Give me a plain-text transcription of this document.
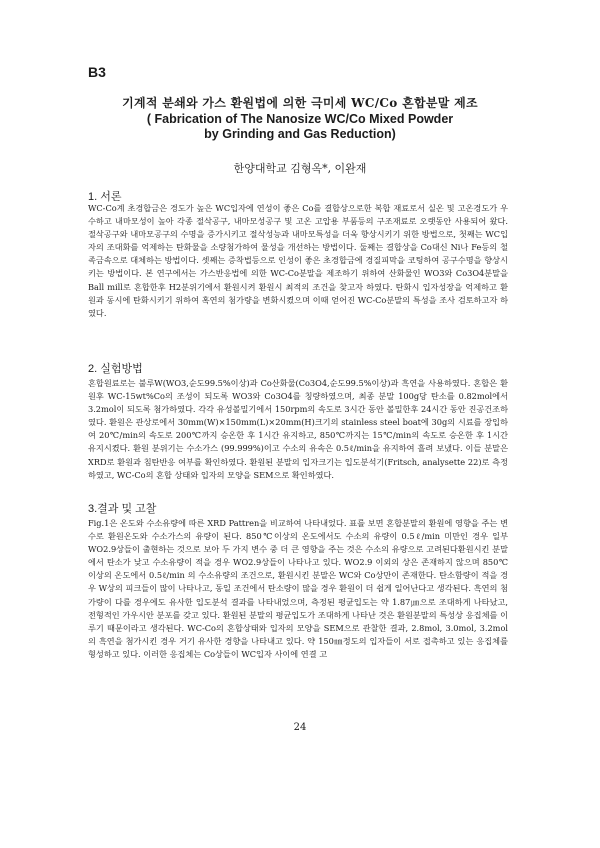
B3
기계적 분쇄와 가스 환원법에 의한 극미세 WC/Co 혼합분말 제조
( Fabrication of The Nanosize WC/Co Mixed Powder
by Grinding and Gas Reduction)
한양대학교 김형옥*, 이완재
1. 서론

WC-Co계 초경합금은 경도가 높은 WC입자에 연성이 좋은 Co를 결합상으로한 복합 재료로서 실온 및 고온경도가 우수하고 내마모성이 높아 각종 절삭공구, 내마모성공구 및 고온 고압용 부품등의 구조재료로 오랫동안 사용되어 왔다. 절삭공구와 내마모공구의 수명을 증가시키고 절삭성능과 내마모특성을 더욱 향상시키기 위한 방법으로, 첫째는 WC입자의 조대화를 억제하는 탄화물을 소량첨가하여 물성을 개선하는 방법이다. 둘째는 결합상을 Co대신 Ni나 Fe등의 철족금속으로 대체하는 방법이다. 셋째는 증착법등으로 인성이 좋은 초경합금에 경질피막을 코팅하여 공구수명을 향상시키는 방법이다. 본 연구에서는 가스반응법에 의한 WC-Co분말을 제조하기 위하여 산화물인 WO3와 Co3O4분말을 Ball mill로 혼합한후 H2분위기에서 환원시켜 환원시 최적의 조건을 찾고자 하였다. 탄화시 입자성장을 억제하고 환원과 동시에 탄화시키기 위하여 혹연의 첨가량을 변화시켰으며 이때 얻어진 WC-Co분말의 특성을 조사 검토하고자 하였다.

2. 실험방법

혼합원료로는 불루W(WO3,순도99.5%이상)과 Co산화물(Co3O4,순도99.5%이상)과 흑연을 사용하였다. 혼합은 환원후 WC-15wt%Co의 조성이 되도록 WO3와 Co3O4를 칭량하였으며, 최종 분말 100g당 탄소를 0.82mol에서 3.2mol이 되도록 첨가하였다. 각각 유성볼밀기에서 150rpm의 속도로 3시간 동안 볼밀한후 24시간 동안 진공건조하였다. 환원은 관상로에서 30mm(W)×150mm(L)×20mm(H)크기의 stainless steel boat에 30g의 시료를 장입하여 20℃/min의 속도로 200℃까지 승온한 후 1시간 유지하고, 850℃까지는 15℃/min의 속도로 승온한 후 1시간 유지시켰다. 환원 분위기는 수소가스 (99.999%)이고 수소의 유속은 0.5ℓ/min을 유지하여 흘려 보냈다. 이들 분말은 XRD로 환원과 침탄반응 여부를 확인하였다. 환원된 분말의 입자크기는 입도분석기(Fritsch, analysette 22)로 측정하였고, WC-Co의 혼합 상태와 입자의 모양을 SEM으로 확인하였다.

3.결과 및 고찰

Fig.1은 온도와 수소유량에 따른 XRD Pattren을 비교하여 나타내었다. 표를 보면 혼합분말의 환원에 영향을 주는 변수로 환원온도와 수소가스의 유량이 된다. 850℃이상의 온도에서도 수소의 유량이 0.5ℓ/min 미만인 경우 일부 WO2.9상들이 출현하는 것으로 보아 두 가지 변수 중 더 큰 영향을 주는 것은 수소의 유량으로 고려된다환원시킨 분말에서 탄소가 낮고 수소유량이 적을 경우 WO2.9상들이 나타나고 있다. WO2.9 이외의 상은 존재하지 않으며 850℃이상의 온도에서 0.5ℓ/min 의 수소유량의 조건으로, 환원시킨 분말은 WC와 Co상만이 존재한다. 탄소함량이 적을 경우 W상의 피크들이 많이 나타나고, 동일 조건에서 탄소량이 많을 경우 환원이 더 쉽게 일어난다고 생각된다. 흑연의 첨가량이 다를 경우에도 유사한 입도분석 결과를 나타내었으며, 측정된 평균입도는 약 1.87㎛으로 조대하게 나타났고, 전형적인 가우시안 분포를 갖고 있다. 환원된 분말의 평균입도가 조대하게 나타난 것은 환원분말의 특성상 응집체를 이루기 때문이라고 생각된다. WC-Co의 혼합상태와 입자의 모양을 SEM으로 관찰한 결과, 2.8mol, 3.0mol, 3.2mol의 흑연을 첨가시킨 경우 거기 유사한 경향을 나타내고 있다. 약 150㎚정도의 입자들이 서로 접촉하고 있는 응집체를 형성하고 있다. 이러한 응집체는 Co상들이 WC입자 사이에 연결 고

24
